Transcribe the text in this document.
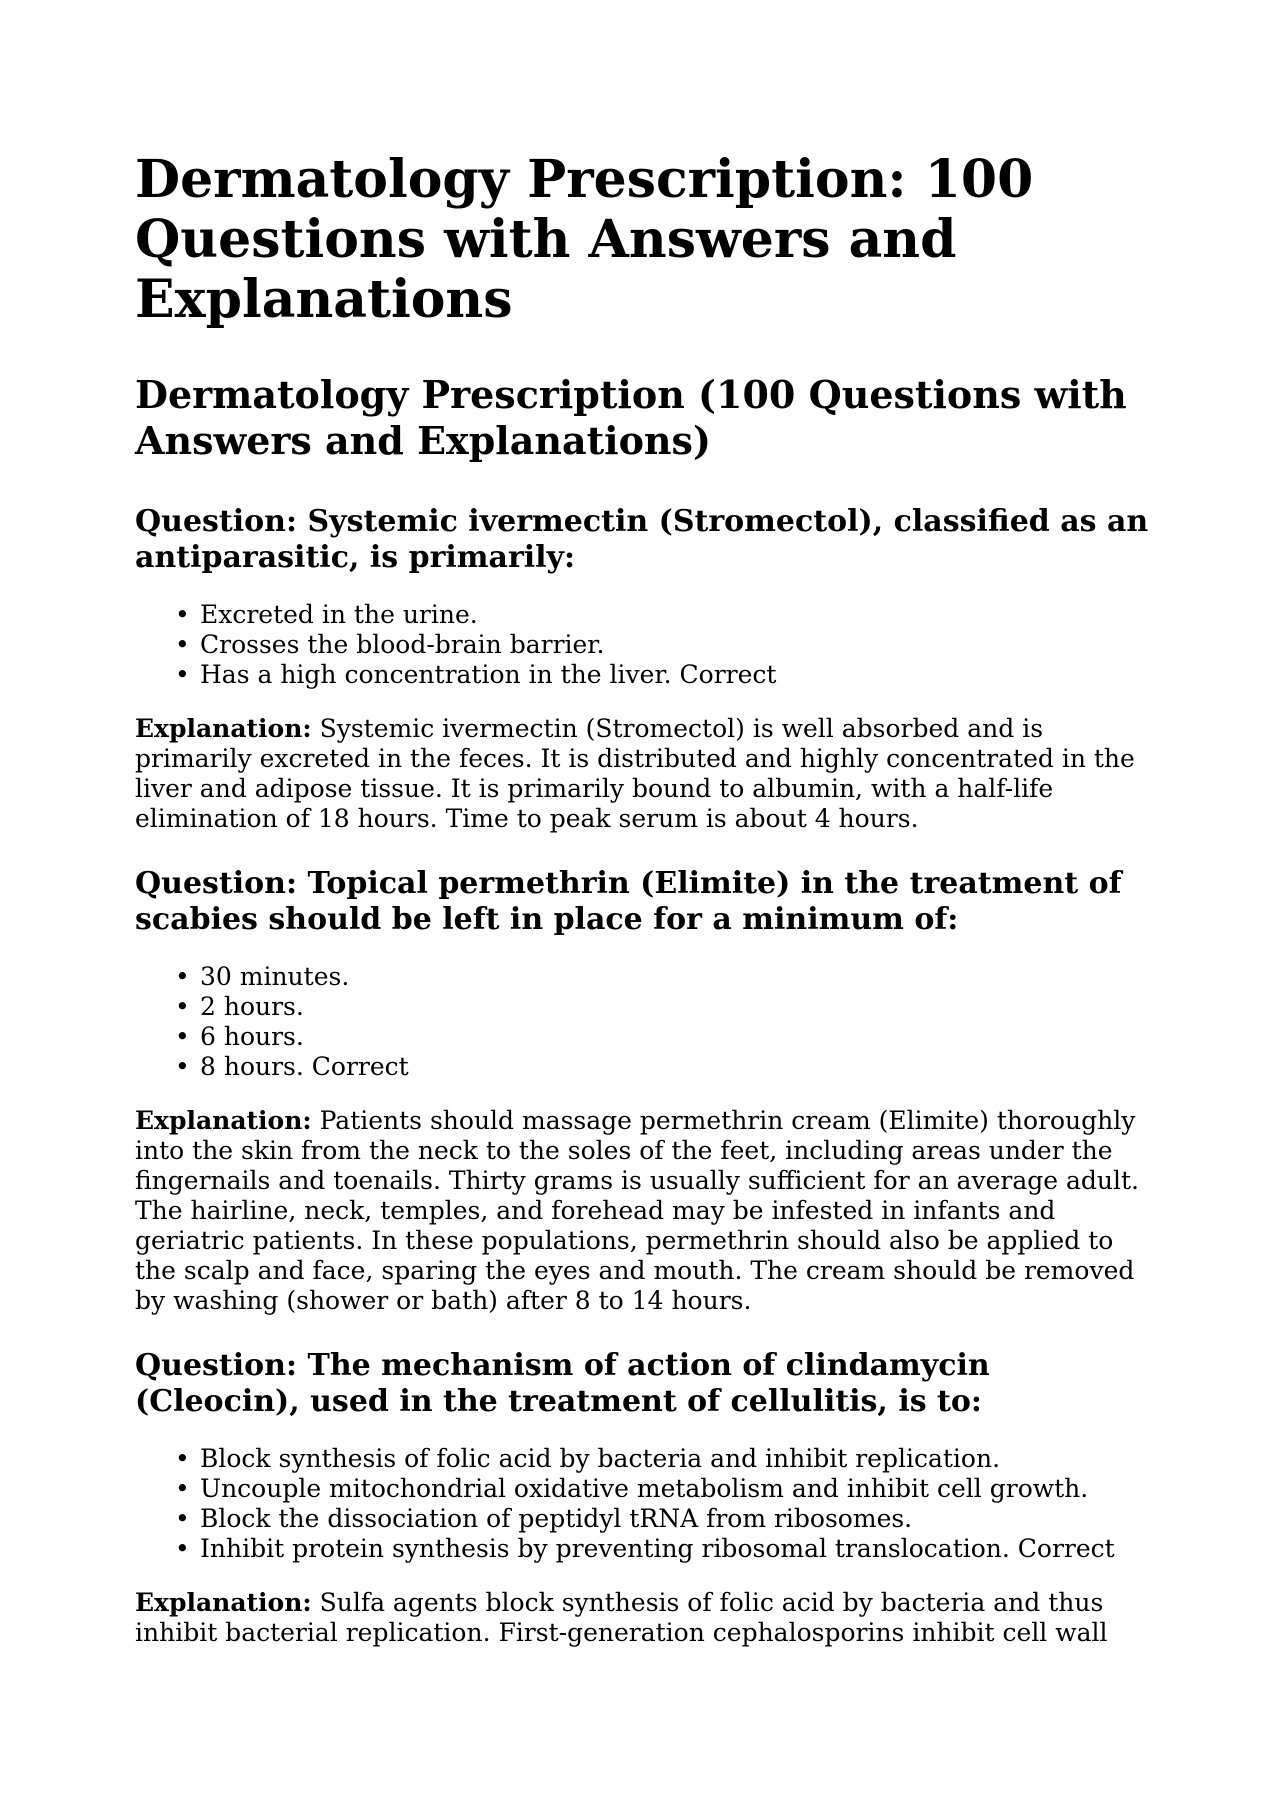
Dermatology Prescription: 100 Questions with Answers and Explanations
Dermatology Prescription (100 Questions with Answers and Explanations)
Question: Systemic ivermectin (Stromectol), classified as an antiparasitic, is primarily:
• Excreted in the urine.
• Crosses the blood-brain barrier.
• Has a high concentration in the liver. Correct

Explanation: Systemic ivermectin (Stromectol) is well absorbed and is primarily excreted in the feces. It is distributed and highly concentrated in the liver and adipose tissue. It is primarily bound to albumin, with a half-life elimination of 18 hours. Time to peak serum is about 4 hours.

Question: Topical permethrin (Elimite) in the treatment of scabies should be left in place for a minimum of:
• 30 minutes.
• 2 hours.
• 6 hours.
• 8 hours. Correct

Explanation: Patients should massage permethrin cream (Elimite) thoroughly into the skin from the neck to the soles of the feet, including areas under the fingernails and toenails. Thirty grams is usually sufficient for an average adult. The hairline, neck, temples, and forehead may be infested in infants and geriatric patients. In these populations, permethrin should also be applied to the scalp and face, sparing the eyes and mouth. The cream should be removed by washing (shower or bath) after 8 to 14 hours.

Question: The mechanism of action of clindamycin (Cleocin), used in the treatment of cellulitis, is to:
• Block synthesis of folic acid by bacteria and inhibit replication.
• Uncouple mitochondrial oxidative metabolism and inhibit cell growth.
• Block the dissociation of peptidyl tRNA from ribosomes.
• Inhibit protein synthesis by preventing ribosomal translocation. Correct

Explanation: Sulfa agents block synthesis of folic acid by bacteria and thus inhibit bacterial replication. First-generation cephalosporins inhibit cell wall
